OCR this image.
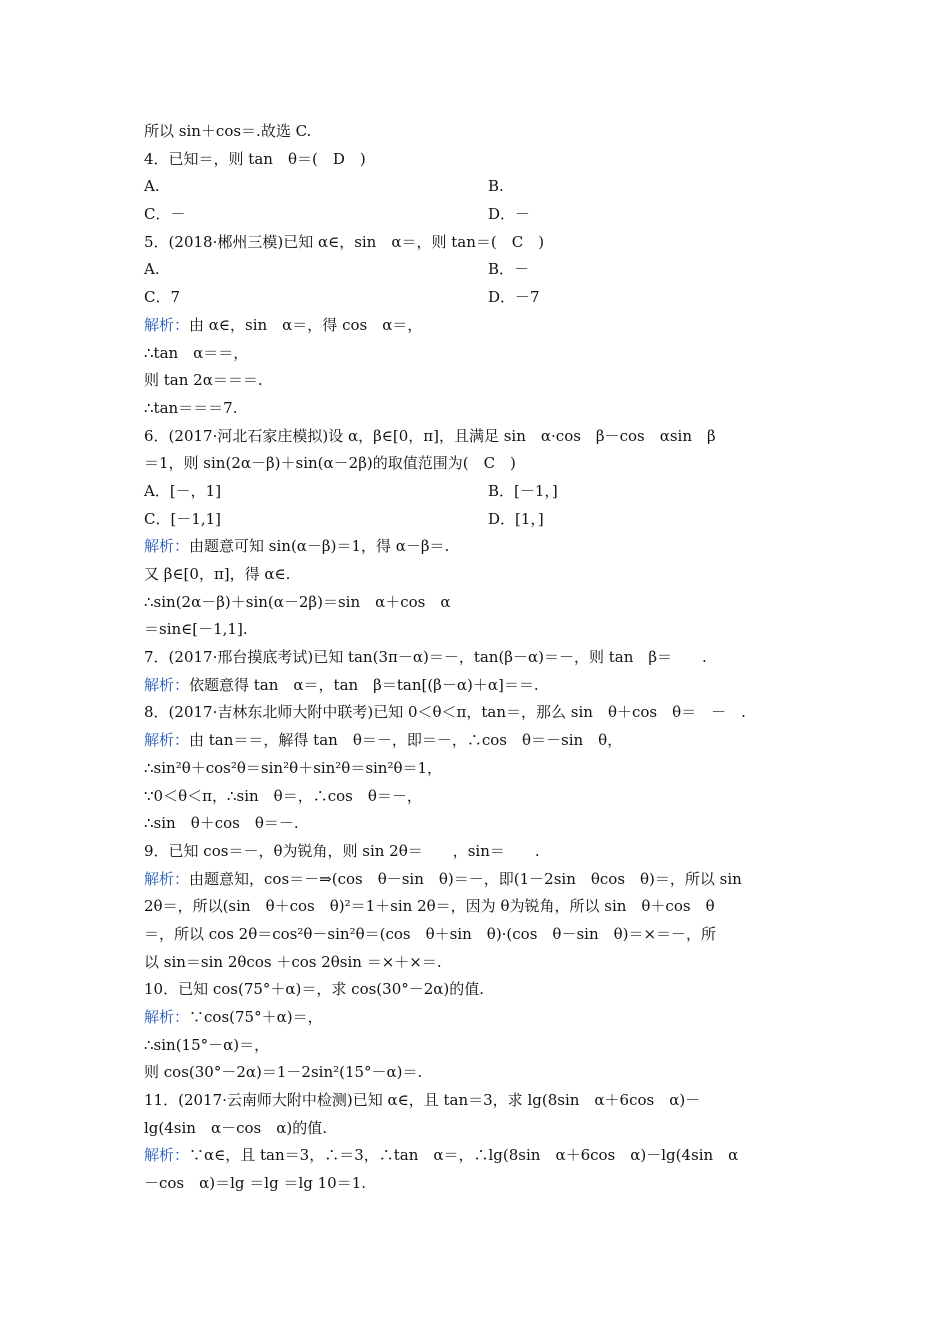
所以 sin＋cos＝.故选 C.
4．已知＝，则 tan　θ＝(　D　)
A.	B.
C．－	D．－
5．(2018·郴州三模)已知 α∈，sin　α＝，则 tan＝(　C　)
A.	B．－
C．7	D．－7
解析：由 α∈，sin　α＝，得 cos　α＝，
∴tan　α＝＝，
则 tan 2α＝＝＝.
∴tan＝＝＝7.
6．(2017·河北石家庄模拟)设 α，β∈[0，π]，且满足 sin　α·cos　β－cos　αsin　β
＝1，则 sin(2α－β)＋sin(α－2β)的取值范围为(　C　)
A．[－，1]	B．[－1，]
C．[－1,1]	D．[1，]
解析：由题意可知 sin(α－β)＝1，得 α－β＝.
又 β∈[0，π]，得 α∈.
∴sin(2α－β)＋sin(α－2β)＝sin　α＋cos　α
＝sin∈[－1,1].
7．(2017·邢台摸底考试)已知 tan(3π－α)＝－，tan(β－α)＝－，则 tan　β＝　　.
解析：依题意得 tan　α＝，tan　β＝tan[(β－α)＋α]＝＝.
8．(2017·吉林东北师大附中联考)已知 0＜θ＜π，tan＝，那么 sin　θ＋cos　θ＝　－　.
解析：由 tan＝＝，解得 tan　θ＝－，即＝－，∴cos　θ＝－sin　θ，
∴sin²θ＋cos²θ＝sin²θ＋sin²θ＝sin²θ＝1，
∵0＜θ＜π，∴sin　θ＝，∴cos　θ＝－，
∴sin　θ＋cos　θ＝－.
9．已知 cos＝－，θ为锐角，则 sin 2θ＝　　，sin＝　　.
解析：由题意知，cos＝－⇒(cos　θ－sin　θ)＝－，即(1－2sin　θcos　θ)＝，所以 sin
2θ＝，所以(sin　θ＋cos　θ)²＝1＋sin 2θ＝，因为 θ为锐角，所以 sin　θ＋cos　θ
＝，所以 cos 2θ＝cos²θ－sin²θ＝(cos　θ＋sin　θ)·(cos　θ－sin　θ)＝×＝－，所
以 sin＝sin 2θcos ＋cos 2θsin ＝×＋×＝.
10．已知 cos(75°＋α)＝，求 cos(30°－2α)的值.
解析：∵cos(75°＋α)＝，
∴sin(15°－α)＝，
则 cos(30°－2α)＝1－2sin²(15°－α)＝.
11．(2017·云南师大附中检测)已知 α∈，且 tan＝3，求 lg(8sin　α＋6cos　α)－
lg(4sin　α－cos　α)的值.
解析：∵α∈，且 tan＝3，∴＝3，∴tan　α＝，∴lg(8sin　α＋6cos　α)－lg(4sin　α
－cos　α)＝lg ＝lg ＝lg 10＝1.
